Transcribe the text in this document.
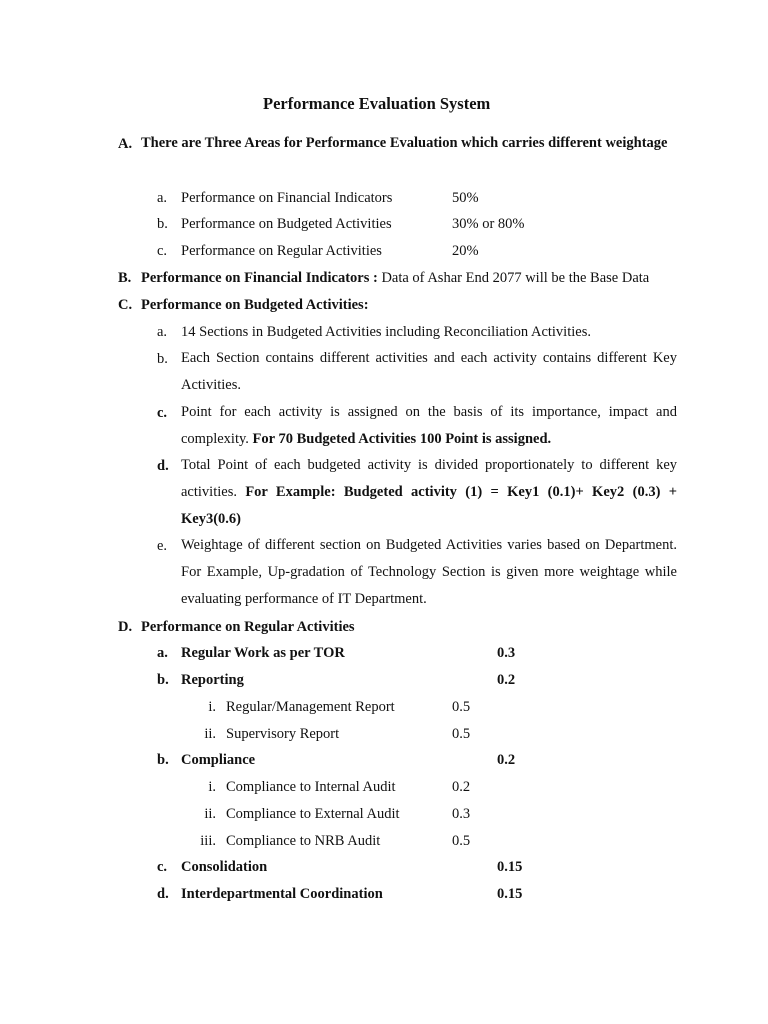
Performance Evaluation System
A. There are Three Areas for Performance Evaluation which carries different weightage
a. Performance on Financial Indicators	50%
b. Performance on Budgeted Activities	30% or 80%
c. Performance on Regular Activities	20%
B. Performance on Financial Indicators : Data of Ashar End 2077 will be the Base Data
C. Performance on Budgeted Activities:
a. 14 Sections in Budgeted Activities including Reconciliation Activities.
b. Each Section contains different activities and each activity contains different Key Activities.
c. Point for each activity is assigned on the basis of its importance, impact and complexity. For 70 Budgeted Activities 100 Point is assigned.
d. Total Point of each budgeted activity is divided proportionately to different key activities. For Example: Budgeted activity (1) = Key1 (0.1)+ Key2 (0.3) + Key3(0.6)
e. Weightage of different section on Budgeted Activities varies based on Department. For Example, Up-gradation of Technology Section is given more weightage while evaluating performance of IT Department.
D. Performance on Regular Activities
a. Regular Work as per TOR	0.3
b. Reporting	0.2
i. Regular/Management Report	0.5
ii. Supervisory Report	0.5
b. Compliance	0.2
i. Compliance to Internal Audit	0.2
ii. Compliance to External Audit	0.3
iii. Compliance to NRB Audit	0.5
c. Consolidation	0.15
d. Interdepartmental Coordination	0.15
